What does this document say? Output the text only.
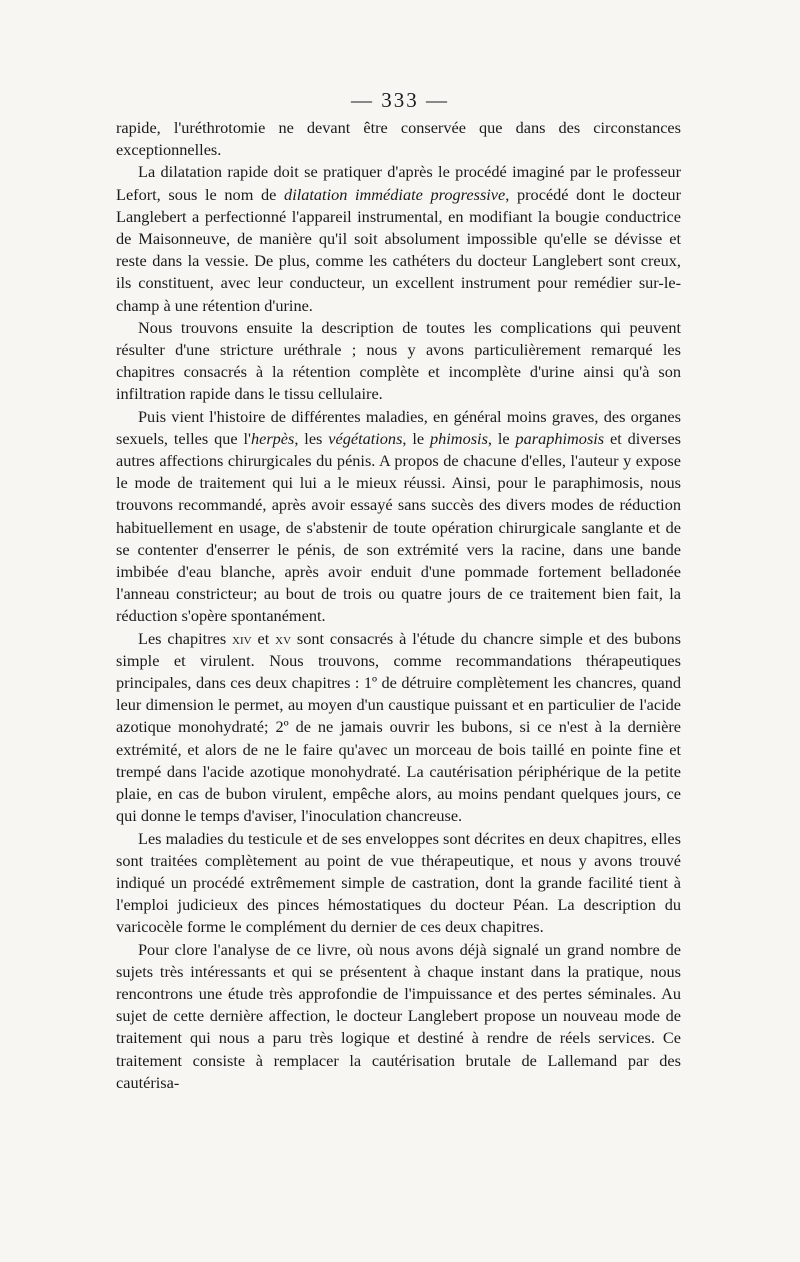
— 333 —

rapide, l'uréthrotomie ne devant être conservée que dans des circonstances exceptionnelles.

La dilatation rapide doit se pratiquer d'après le procédé imaginé par le professeur Lefort, sous le nom de dilatation immédiate progressive, procédé dont le docteur Langlebert a perfectionné l'appareil instrumental, en modifiant la bougie conductrice de Maisonneuve, de manière qu'il soit absolument impossible qu'elle se dévisse et reste dans la vessie. De plus, comme les cathéters du docteur Langlebert sont creux, ils constituent, avec leur conducteur, un excellent instrument pour remédier sur-le-champ à une rétention d'urine.

Nous trouvons ensuite la description de toutes les complications qui peuvent résulter d'une stricture uréthrale ; nous y avons particulièrement remarqué les chapitres consacrés à la rétention complète et incomplète d'urine ainsi qu'à son infiltration rapide dans le tissu cellulaire.

Puis vient l'histoire de différentes maladies, en général moins graves, des organes sexuels, telles que l'herpès, les végétations, le phimosis, le paraphimosis et diverses autres affections chirurgicales du pénis. A propos de chacune d'elles, l'auteur y expose le mode de traitement qui lui a le mieux réussi. Ainsi, pour le paraphimosis, nous trouvons recommandé, après avoir essayé sans succès des divers modes de réduction habituellement en usage, de s'abstenir de toute opération chirurgicale sanglante et de se contenter d'enserrer le pénis, de son extrémité vers la racine, dans une bande imbibée d'eau blanche, après avoir enduit d'une pommade fortement belladonée l'anneau constricteur; au bout de trois ou quatre jours de ce traitement bien fait, la réduction s'opère spontanément.

Les chapitres xiv et xv sont consacrés à l'étude du chancre simple et des bubons simple et virulent. Nous trouvons, comme recommandations thérapeutiques principales, dans ces deux chapitres : 1º de détruire complètement les chancres, quand leur dimension le permet, au moyen d'un caustique puissant et en particulier de l'acide azotique monohydraté; 2º de ne jamais ouvrir les bubons, si ce n'est à la dernière extrémité, et alors de ne le faire qu'avec un morceau de bois taillé en pointe fine et trempé dans l'acide azotique monohydraté. La cautérisation périphérique de la petite plaie, en cas de bubon virulent, empêche alors, au moins pendant quelques jours, ce qui donne le temps d'aviser, l'inoculation chancreuse.

Les maladies du testicule et de ses enveloppes sont décrites en deux chapitres, elles sont traitées complètement au point de vue thérapeutique, et nous y avons trouvé indiqué un procédé extrêmement simple de castration, dont la grande facilité tient à l'emploi judicieux des pinces hémostatiques du docteur Péan. La description du varicocèle forme le complément du dernier de ces deux chapitres.

Pour clore l'analyse de ce livre, où nous avons déjà signalé un grand nombre de sujets très intéressants et qui se présentent à chaque instant dans la pratique, nous rencontrons une étude très approfondie de l'impuissance et des pertes séminales. Au sujet de cette dernière affection, le docteur Langlebert propose un nouveau mode de traitement qui nous a paru très logique et destiné à rendre de réels services. Ce traitement consiste à remplacer la cautérisation brutale de Lallemand par des cautérisa-
